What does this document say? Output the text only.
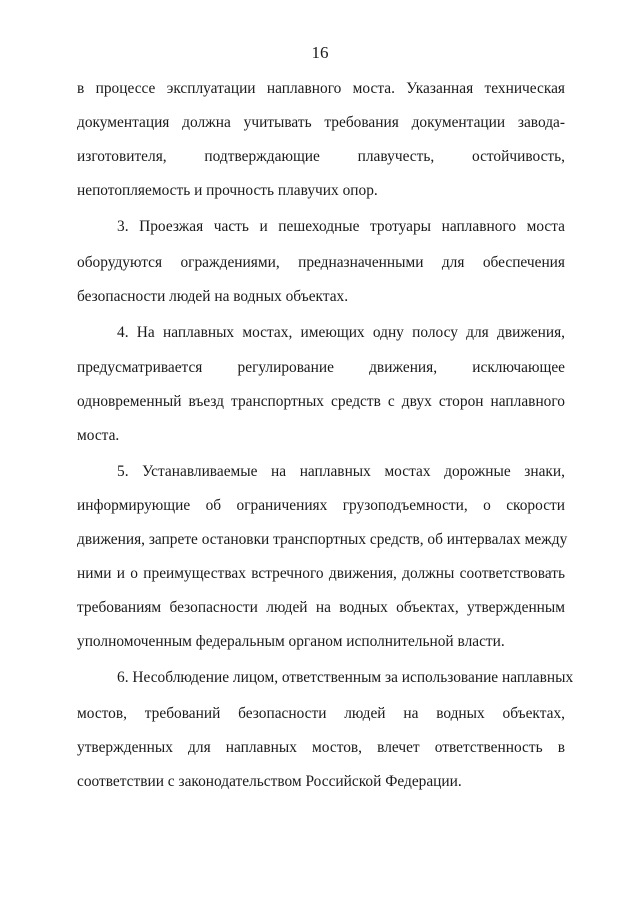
16
в процессе эксплуатации наплавного моста. Указанная техническая
документация должна учитывать требования документации завода-
изготовителя, подтверждающие плавучесть, остойчивость,
непотопляемость и прочность плавучих опор.
3. Проезжая часть и пешеходные тротуары наплавного моста
оборудуются ограждениями, предназначенными для обеспечения
безопасности людей на водных объектах.
4. На наплавных мостах, имеющих одну полосу для движения,
предусматривается регулирование движения, исключающее
одновременный въезд транспортных средств с двух сторон наплавного
моста.
5. Устанавливаемые на наплавных мостах дорожные знаки,
информирующие об ограничениях грузоподъемности, о скорости
движения, запрете остановки транспортных средств, об интервалах между
ними и о преимуществах встречного движения, должны соответствовать
требованиям безопасности людей на водных объектах, утвержденным
уполномоченным федеральным органом исполнительной власти.
6. Несоблюдение лицом, ответственным за использование наплавных
мостов, требований безопасности людей на водных объектах,
утвержденных для наплавных мостов, влечет ответственность в
соответствии с законодательством Российской Федерации.
